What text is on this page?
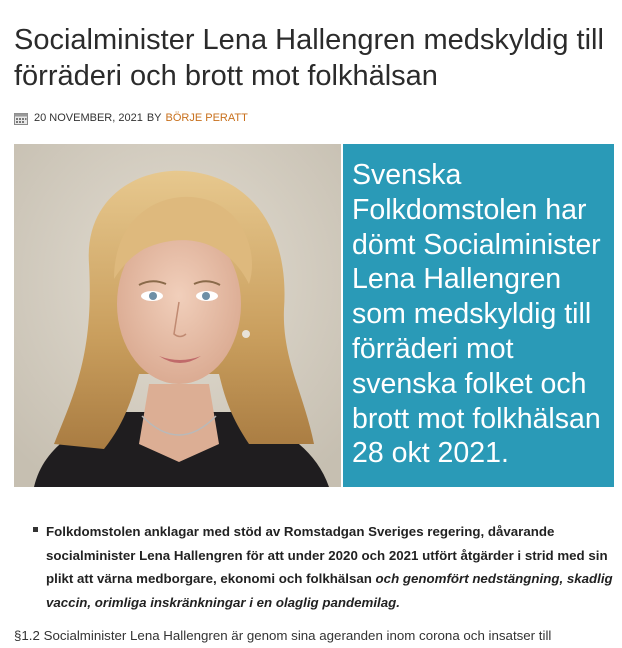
Socialminister Lena Hallengren medskyldig till förräderi och brott mot folkhälsan
20 NOVEMBER, 2021 BY BÖRJE PERATT

Svenska
Folkdomstolen har
dömt Socialminister
Lena Hallengren
som medskyldig till
förräderi mot
svenska folket och
brott mot folkhälsan
28 okt 2021.

Folkdomstolen anklagar med stöd av Romstadgan Sveriges regering, dåvarande socialminister Lena Hallengren för att under 2020 och 2021 utfört åtgärder i strid med sin plikt att värna medborgare, ekonomi och folkhälsan och genomfört nedstängning, skadlig vaccin, orimliga inskränkningar i en olaglig pandemilag.

§1.2 Socialminister Lena Hallengren är genom sina ageranden inom corona och insatser till
